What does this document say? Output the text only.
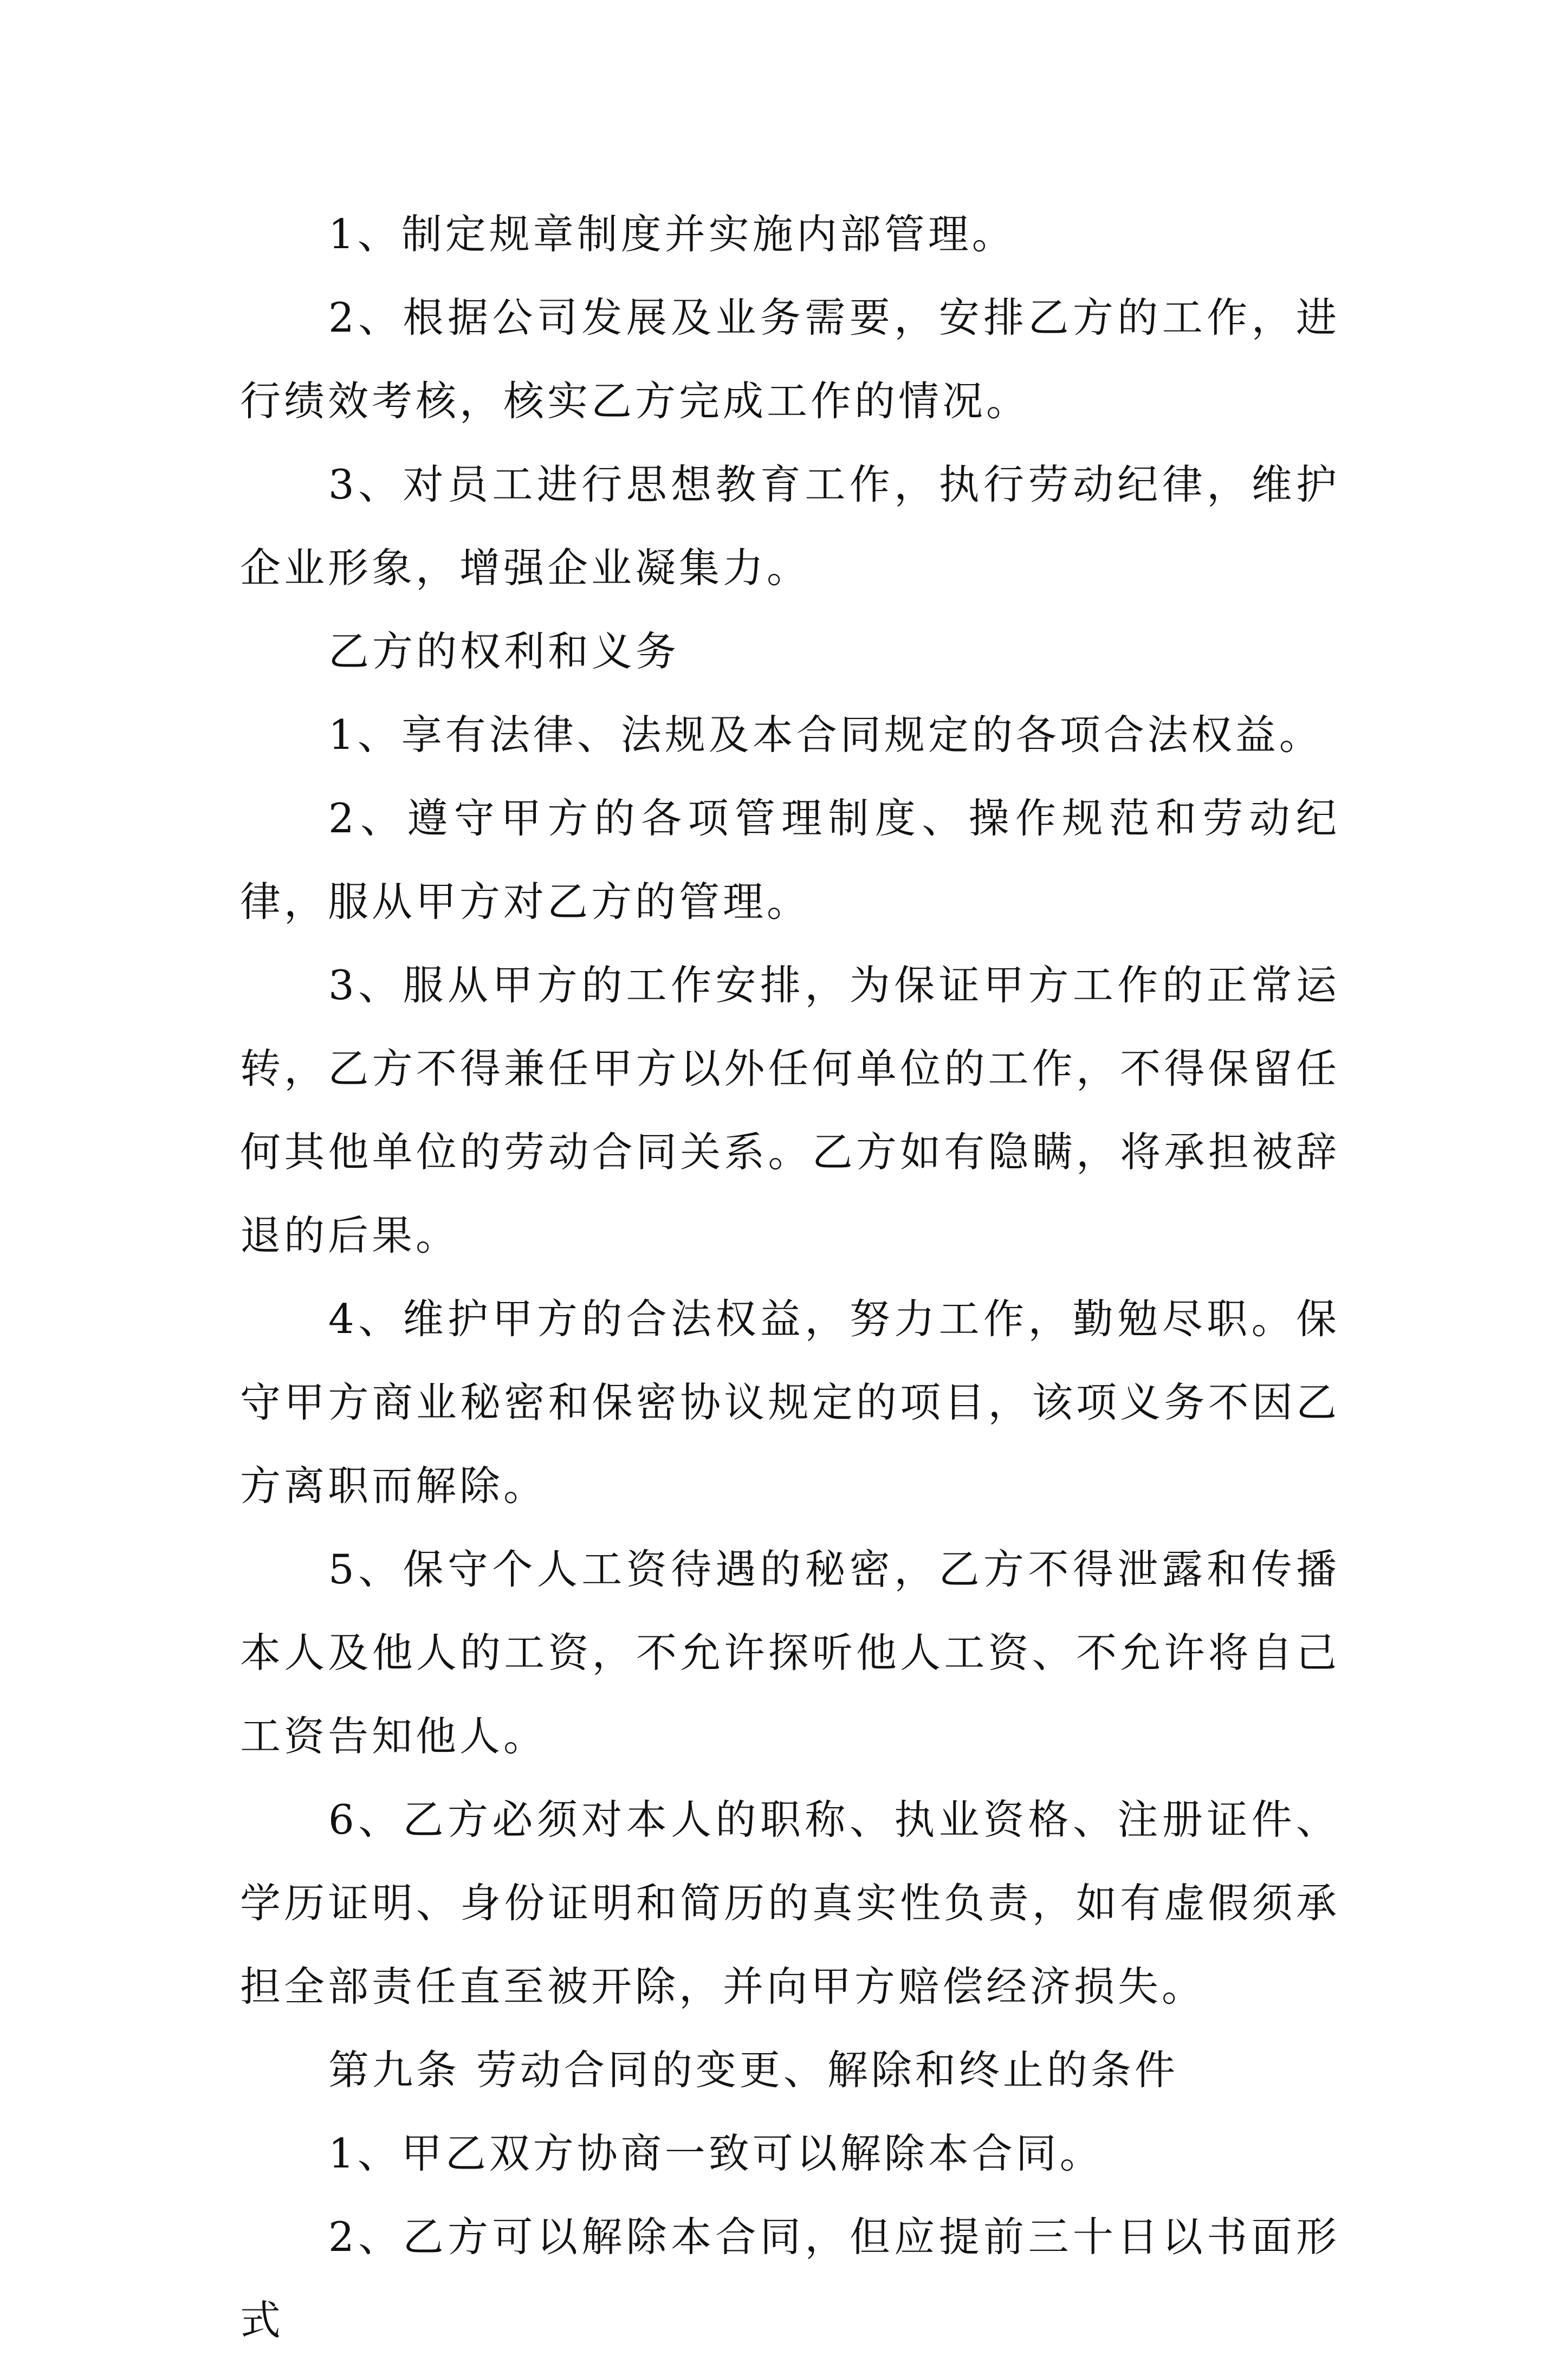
1、制定规章制度并实施内部管理。

2、根据公司发展及业务需要，安排乙方的工作，进行绩效考核，核实乙方完成工作的情况。

3、对员工进行思想教育工作，执行劳动纪律，维护企业形象，增强企业凝集力。

乙方的权利和义务

1、享有法律、法规及本合同规定的各项合法权益。

2、遵守甲方的各项管理制度、操作规范和劳动纪律，服从甲方对乙方的管理。

3、服从甲方的工作安排，为保证甲方工作的正常运转，乙方不得兼任甲方以外任何单位的工作，不得保留任何其他单位的劳动合同关系。乙方如有隐瞒，将承担被辞退的后果。

4、维护甲方的合法权益，努力工作，勤勉尽职。保守甲方商业秘密和保密协议规定的项目，该项义务不因乙方离职而解除。

5、保守个人工资待遇的秘密，乙方不得泄露和传播本人及他人的工资，不允许探听他人工资、不允许将自己工资告知他人。

6、乙方必须对本人的职称、执业资格、注册证件、学历证明、身份证明和简历的真实性负责，如有虚假须承担全部责任直至被开除，并向甲方赔偿经济损失。

第九条 劳动合同的变更、解除和终止的条件

1、甲乙双方协商一致可以解除本合同。

2、乙方可以解除本合同，但应提前三十日以书面形式
